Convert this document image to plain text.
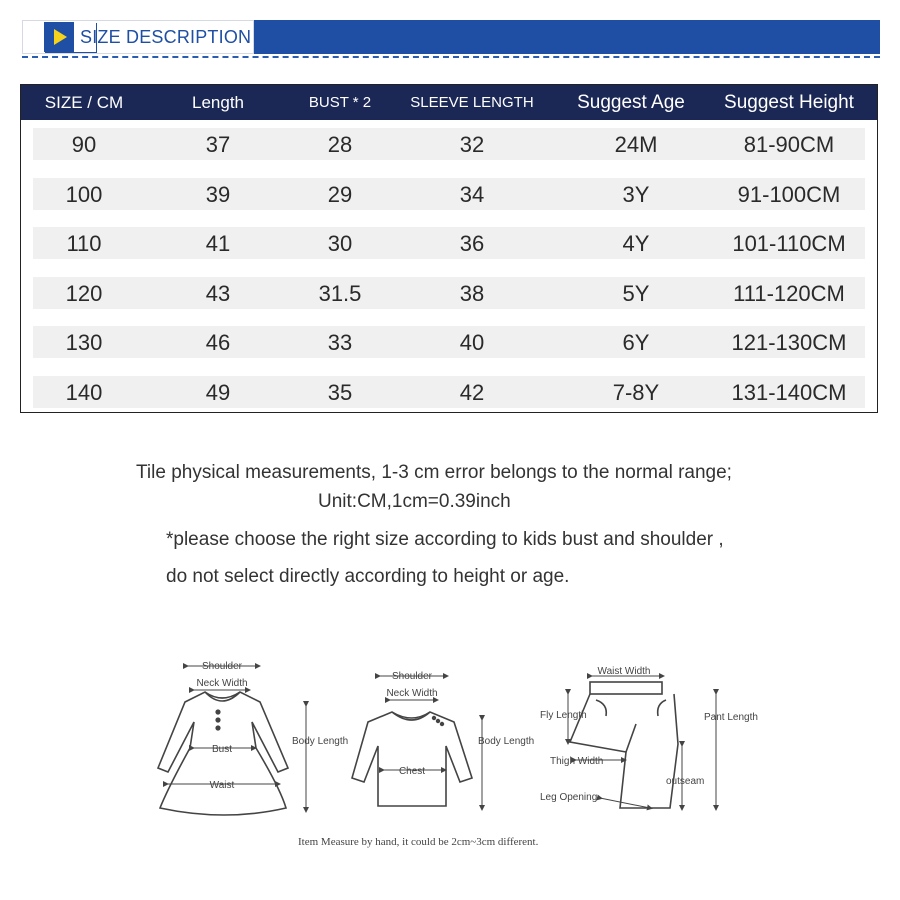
SIZE DESCRIPTION
SIZE / CM	Length	BUST * 2	SLEEVE LENGTH	Suggest Age	Suggest Height
90	37	28	32	24M	81-90CM
100	39	29	34	3Y	91-100CM
110	41	30	36	4Y	101-110CM
120	43	31.5	38	5Y	111-120CM
130	46	33	40	6Y	121-130CM
140	49	35	42	7-8Y	131-140CM
Tile physical measurements, 1-3 cm error belongs to the normal range;
Unit:CM,1cm=0.39inch
*please choose the right size according to kids bust and shoulder ,
do not select directly according to height or age.
Shoulder
Neck Width
Bust
Waist
Body Length
Shoulder
Neck Width
Chest
Body Length
Waist Width
Fly Length
Thigh Width
Leg Opening
outseam
Pant Length
Item Measure by hand, it could be 2cm~3cm different.
